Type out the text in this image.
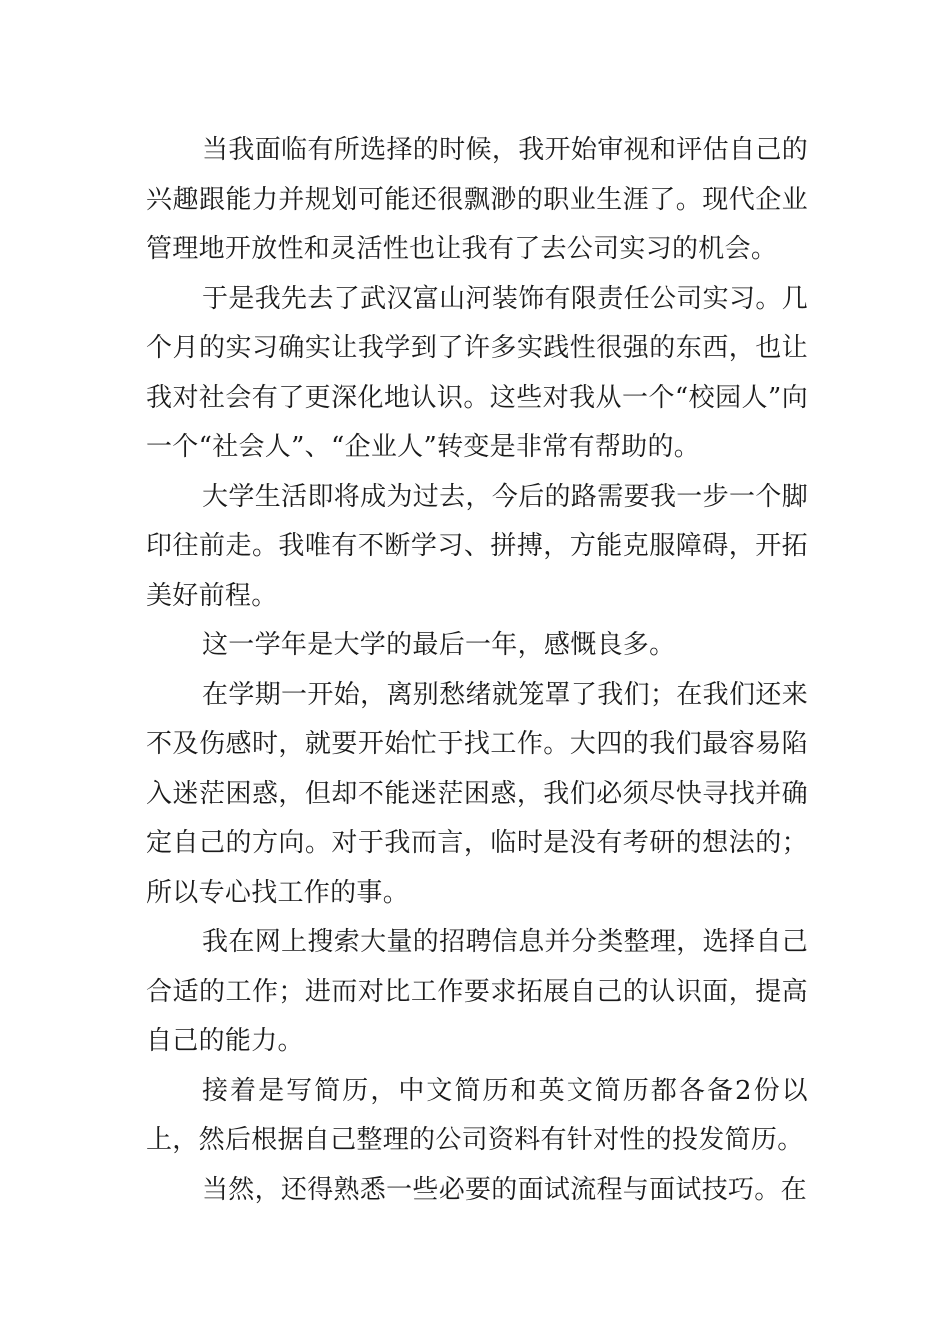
当我面临有所选择的时候，我开始审视和评估自己的兴趣跟能力并规划可能还很飘渺的职业生涯了。现代企业管理地开放性和灵活性也让我有了去公司实习的机会。

于是我先去了武汉富山河装饰有限责任公司实习。几个月的实习确实让我学到了许多实践性很强的东西，也让我对社会有了更深化地认识。这些对我从一个“校园人”向一个“社会人”、“企业人”转变是非常有帮助的。

大学生活即将成为过去，今后的路需要我一步一个脚印往前走。我唯有不断学习、拼搏，方能克服障碍，开拓美好前程。

这一学年是大学的最后一年，感慨良多。

在学期一开始，离别愁绪就笼罩了我们；在我们还来不及伤感时，就要开始忙于找工作。大四的我们最容易陷入迷茫困惑，但却不能迷茫困惑，我们必须尽快寻找并确定自己的方向。对于我而言，临时是没有考研的想法的；所以专心找工作的事。

我在网上搜索大量的招聘信息并分类整理，选择自己合适的工作；进而对比工作要求拓展自己的认识面，提高自己的能力。

接着是写简历，中文简历和英文简历都各备2份以上，然后根据自己整理的公司资料有针对性的投发简历。

当然，还得熟悉一些必要的面试流程与面试技巧。在
